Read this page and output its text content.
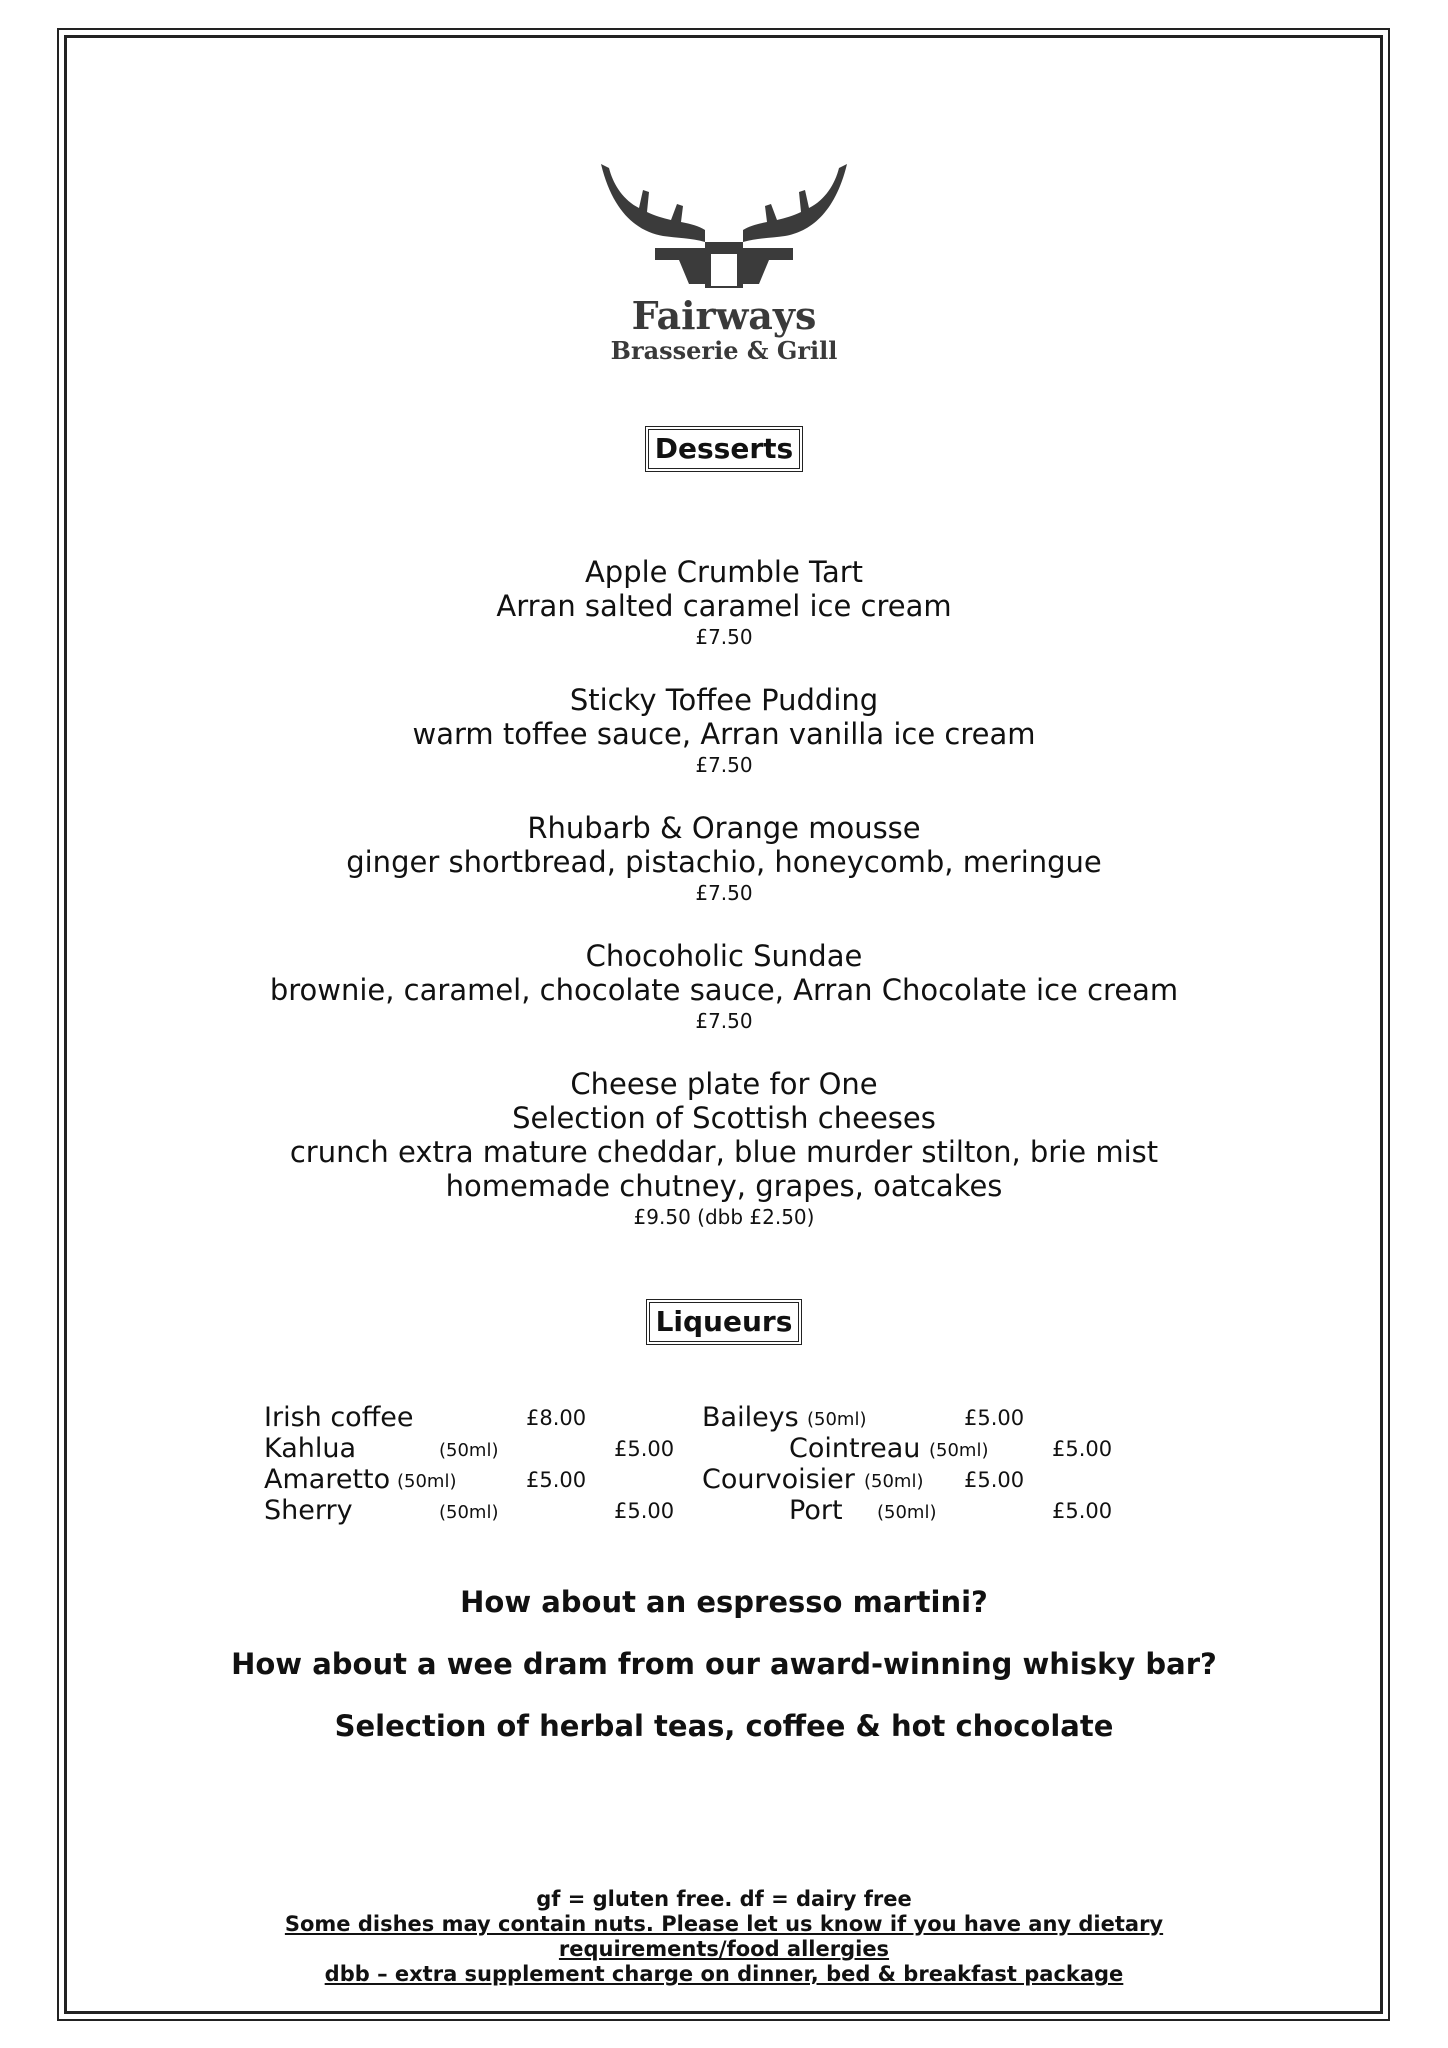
Fairways
Brasserie & Grill
Desserts
Apple Crumble Tart
Arran salted caramel ice cream
£7.50
Sticky Toffee Pudding
warm toffee sauce, Arran vanilla ice cream
£7.50
Rhubarb & Orange mousse
ginger shortbread, pistachio, honeycomb, meringue
£7.50
Chocoholic Sundae
brownie, caramel, chocolate sauce, Arran Chocolate ice cream
£7.50
Cheese plate for One
Selection of Scottish cheeses
crunch extra mature cheddar, blue murder stilton, brie mist
homemade chutney, grapes, oatcakes
£9.50 (dbb £2.50)
Liqueurs
Irish coffee	£8.00	Baileys (50ml)	£5.00
Kahlua	(50ml)	£5.00	Cointreau (50ml)	£5.00
Amaretto (50ml)	£5.00	Courvoisier (50ml) £5.00
Sherry	(50ml)	£5.00	Port (50ml)	£5.00
How about an espresso martini?
How about a wee dram from our award-winning whisky bar?
Selection of herbal teas, coffee & hot chocolate
gf = gluten free. df = dairy free
Some dishes may contain nuts. Please let us know if you have any dietary
requirements/food allergies
dbb – extra supplement charge on dinner, bed & breakfast package
